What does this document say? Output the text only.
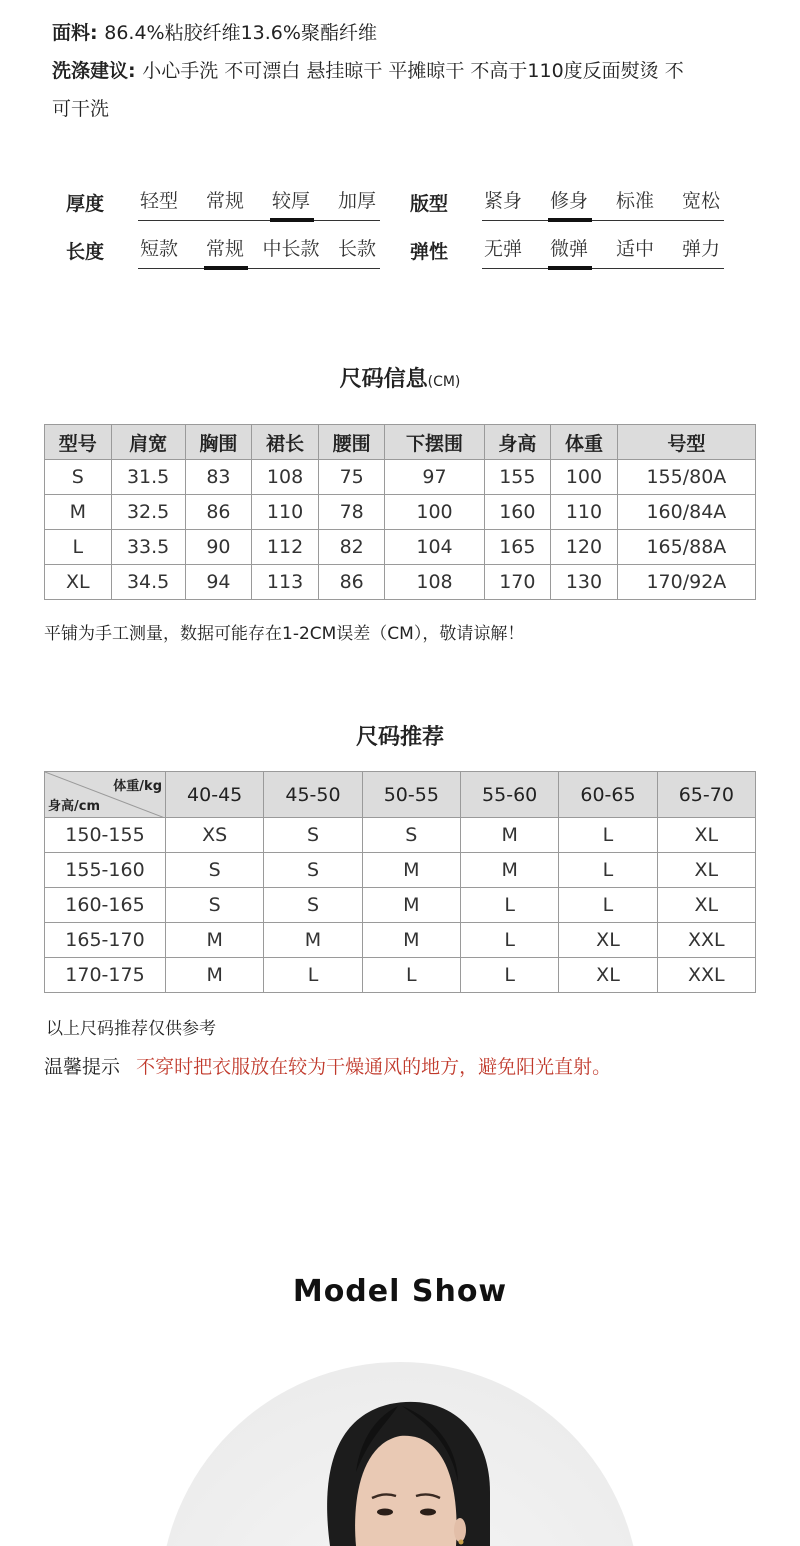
面料: 86.4%粘胶纤维13.6%聚酯纤维
洗涤建议: 小心手洗 不可漂白 悬挂晾干 平摊晾干 不高于110度反面熨烫 不
可干洗
厚度	轻型	常规	较厚	加厚	版型	紧身	修身	标准	宽松
长度	短款	常规 中长款 长款	弹性	无弹	微弹	适中	弹力
尺码信息(CM)
型号	肩宽	胸围	裙长	腰围	下摆围	身高	体重	号型
S	31.5	83	108	75	97	155	100	155/80A
M	32.5	86	110	78	100	160	110	160/84A
L	33.5	90	112	82	104	165	120	165/88A
XL	34.5	94	113	86	108	170	130	170/92A
平铺为手工测量，数据可能存在1-2CM误差（CM），敬请谅解！
尺码推荐
体重/kg
身高/cm	40-45	45-50	50-55	55-60	60-65	65-70
150-155	XS	S	S	M	L	XL
155-160	S	S	M	M	L	XL
160-165	S	S	M	L	L	XL
165-170	M	M	M	L	XL	XXL
170-175	M	L	L	L	XL	XXL
以上尺码推荐仅供参考
温馨提示 不穿时把衣服放在较为干燥通风的地方，避免阳光直射。
Model Show
